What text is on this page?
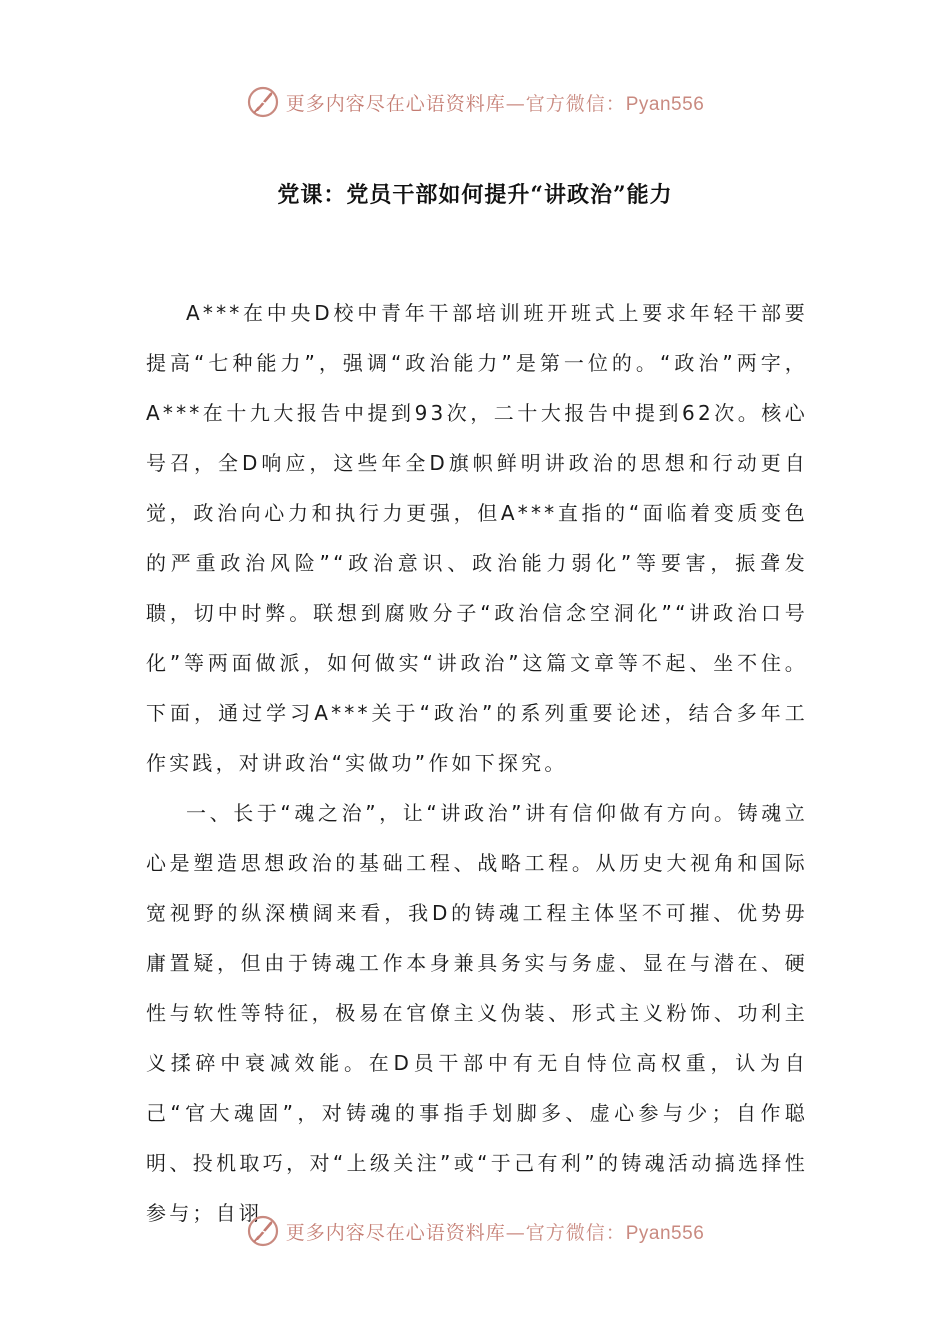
更多内容尽在心语资料库—官方微信：Pyan556
党课：党员干部如何提升“讲政治”能力

A***在中央D校中青年干部培训班开班式上要求年轻干部要提高“七种能力”，强调“政治能力”是第一位的。“政治”两字，A***在十九大报告中提到93次，二十大报告中提到62次。核心号召，全D响应，这些年全D旗帜鲜明讲政治的思想和行动更自觉，政治向心力和执行力更强，但A***直指的“面临着变质变色的严重政治风险”“政治意识、政治能力弱化”等要害，振聋发聩，切中时弊。联想到腐败分子“政治信念空洞化”“讲政治口号化”等两面做派，如何做实“讲政治”这篇文章等不起、坐不住。下面，通过学习A***关于“政治”的系列重要论述，结合多年工作实践，对讲政治“实做功”作如下探究。

一、长于“魂之治”，让“讲政治”讲有信仰做有方向。铸魂立心是塑造思想政治的基础工程、战略工程。从历史大视角和国际宽视野的纵深横阔来看，我D的铸魂工程主体坚不可摧、优势毋庸置疑，但由于铸魂工作本身兼具务实与务虚、显在与潜在、硬性与软性等特征，极易在官僚主义伪装、形式主义粉饰、功利主义揉碎中衰减效能。在D员干部中有无自恃位高权重，认为自己“官大魂固”，对铸魂的事指手划脚多、虚心参与少；自作聪明、投机取巧，对“上级关注”或“于己有利”的铸魂活动搞选择性参与；自诩

更多内容尽在心语资料库—官方微信：Pyan556
